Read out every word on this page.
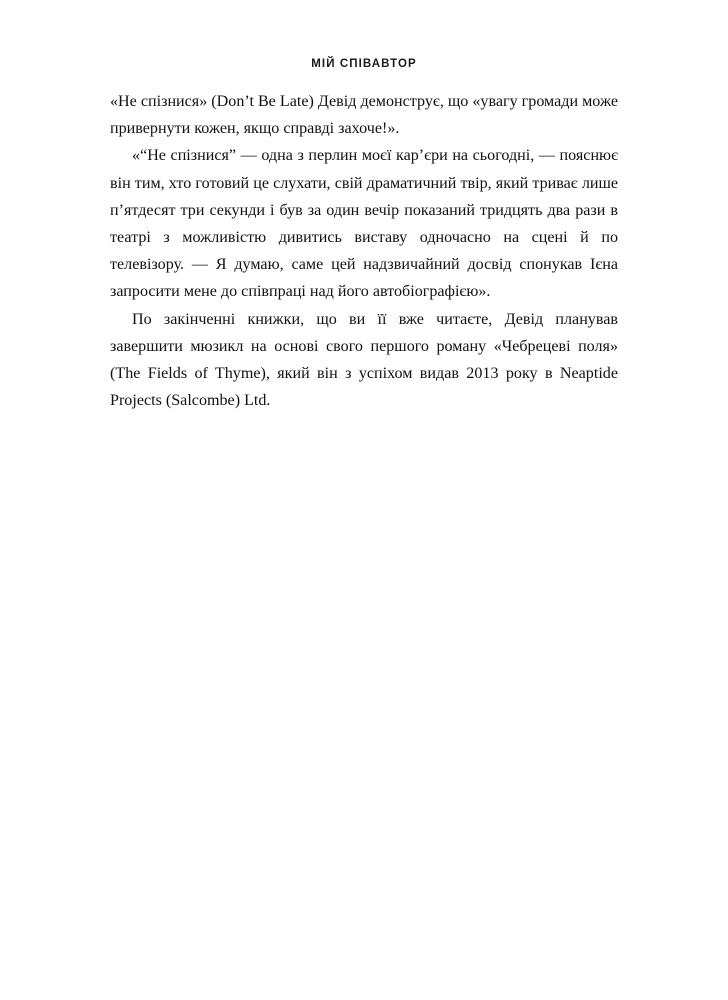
МІЙ СПІВАВТОР

«Не спізнися» (Don’t Be Late) Девід демонструє, що «увагу громади може привернути кожен, якщо справді захоче!».

«“Не спізнися” — одна з перлин моєї кар’єри на сьогодні, — пояснює він тим, хто готовий це слухати, свій драматичний твір, який триває лише п’ятдесят три секунди і був за один вечір показаний тридцять два рази в театрі з можливістю дивитись виставу одночасно на сцені й по телевізору. — Я думаю, саме цей надзвичайний досвід спонукав Ієна запросити мене до співпраці над його автобіографією».

По закінченні книжки, що ви її вже читаєте, Девід планував завершити мюзикл на основі свого першого роману «Чебрецеві поля» (The Fields of Thyme), який він з успіхом видав 2013 року в Neaptide Projects (Salcombe) Ltd.
